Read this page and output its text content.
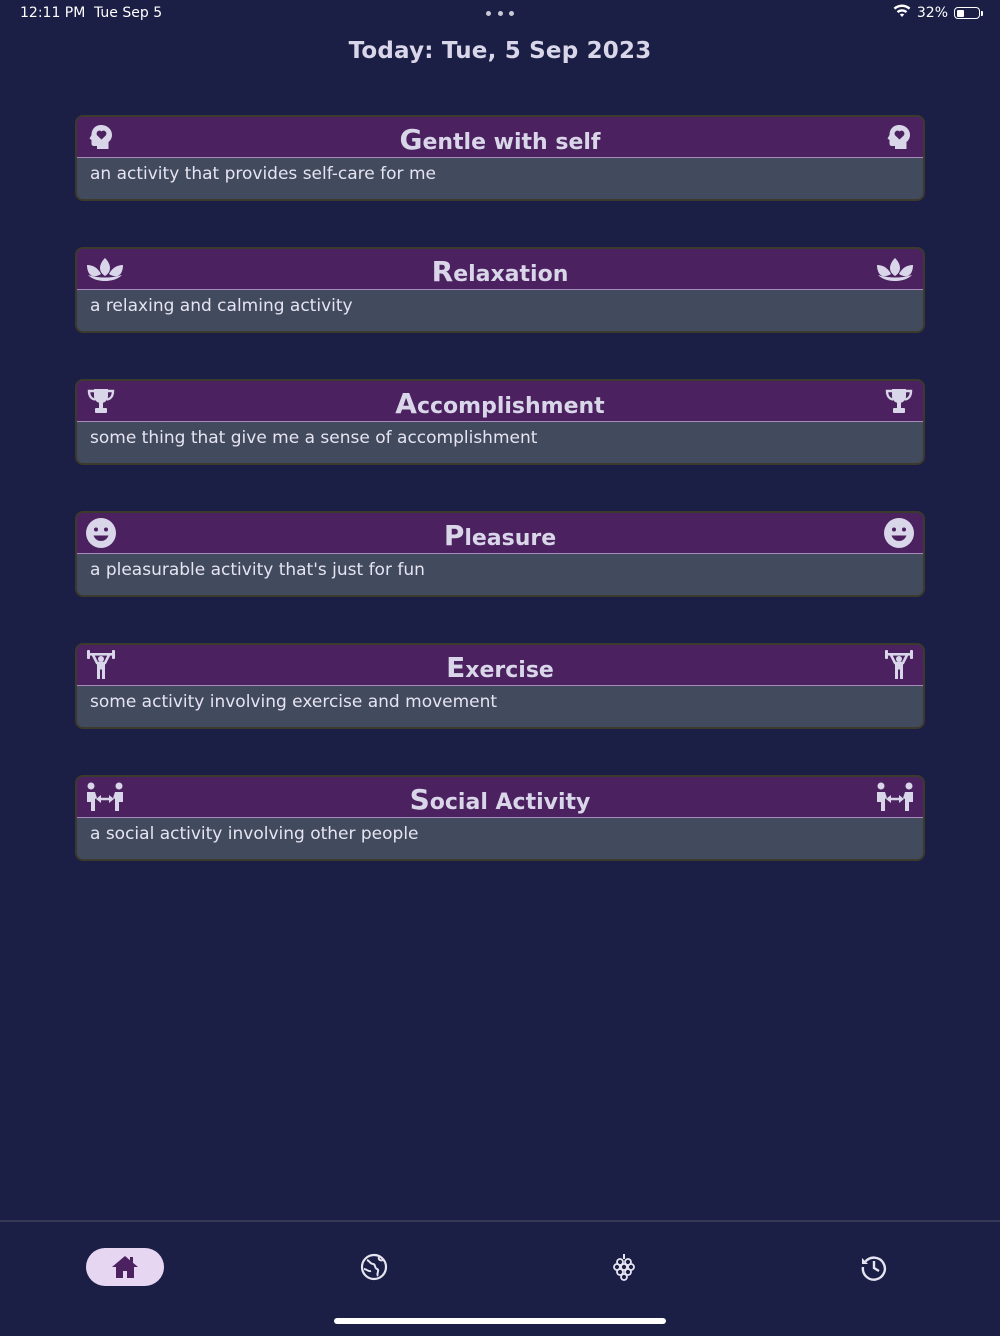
12:11 PM Tue Sep 5	32%
Today: Tue, 5 Sep 2023
Gentle with self
an activity that provides self-care for me
Relaxation
a relaxing and calming activity
Accomplishment
some thing that give me a sense of accomplishment
Pleasure
a pleasurable activity that's just for fun
Exercise
some activity involving exercise and movement
Social Activity
a social activity involving other people
